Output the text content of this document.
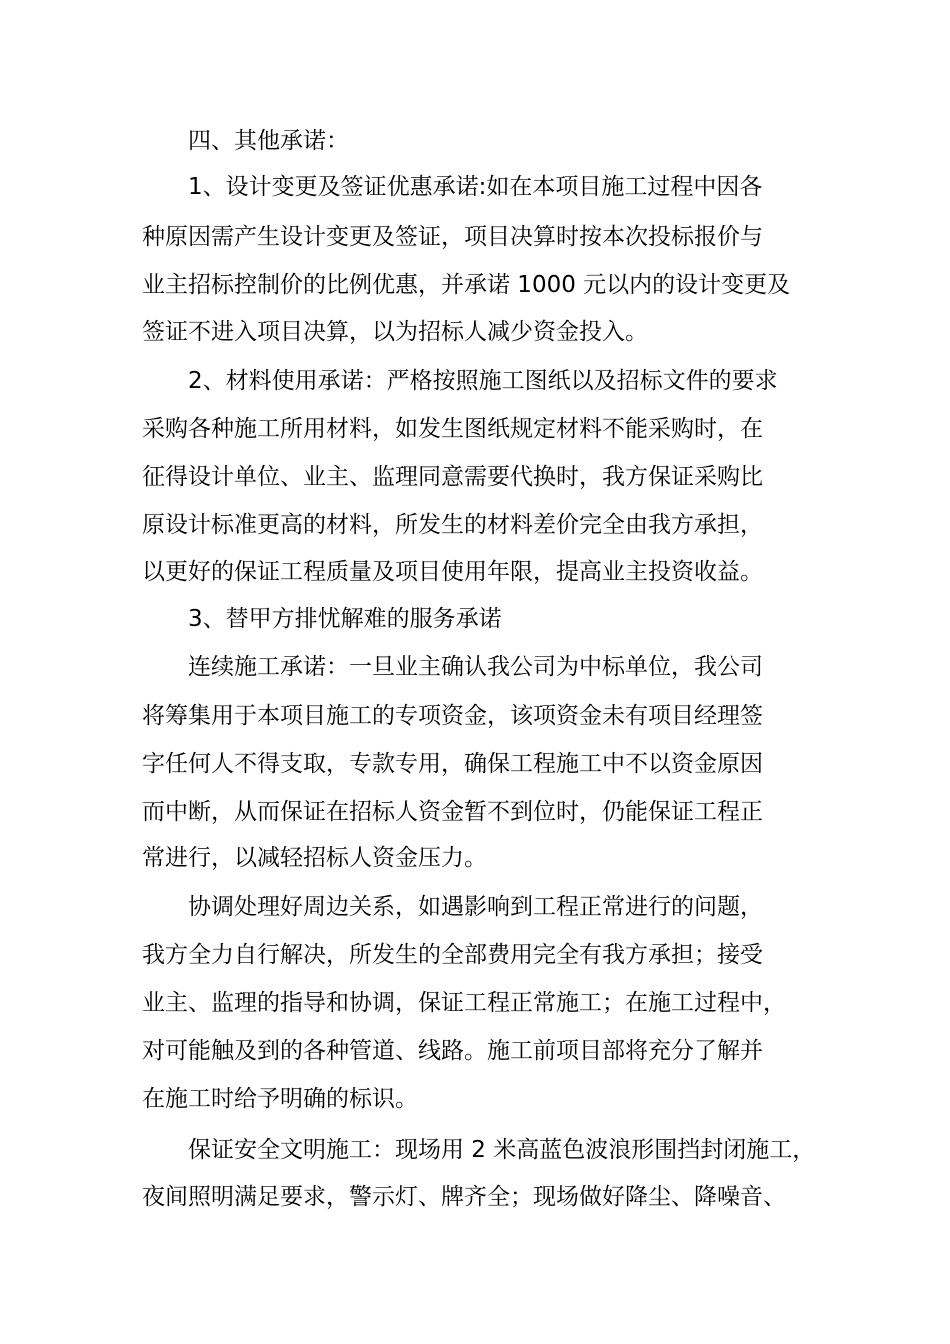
四、其他承诺：
1、设计变更及签证优惠承诺:如在本项目施工过程中因各
种原因需产生设计变更及签证，项目决算时按本次投标报价与
业主招标控制价的比例优惠，并承诺 1000 元以内的设计变更及
签证不进入项目决算，以为招标人减少资金投入。
2、材料使用承诺：严格按照施工图纸以及招标文件的要求
采购各种施工所用材料，如发生图纸规定材料不能采购时，在
征得设计单位、业主、监理同意需要代换时，我方保证采购比
原设计标准更高的材料，所发生的材料差价完全由我方承担，
以更好的保证工程质量及项目使用年限，提高业主投资收益。
3、替甲方排忧解难的服务承诺
连续施工承诺：一旦业主确认我公司为中标单位，我公司
将筹集用于本项目施工的专项资金，该项资金未有项目经理签
字任何人不得支取，专款专用，确保工程施工中不以资金原因
而中断，从而保证在招标人资金暂不到位时，仍能保证工程正
常进行，以减轻招标人资金压力。
协调处理好周边关系，如遇影响到工程正常进行的问题，
我方全力自行解决，所发生的全部费用完全有我方承担；接受
业主、监理的指导和协调，保证工程正常施工；在施工过程中，
对可能触及到的各种管道、线路。施工前项目部将充分了解并
在施工时给予明确的标识。
保证安全文明施工：现场用 2 米高蓝色波浪形围挡封闭施工，
夜间照明满足要求，警示灯、牌齐全；现场做好降尘、降噪音、
